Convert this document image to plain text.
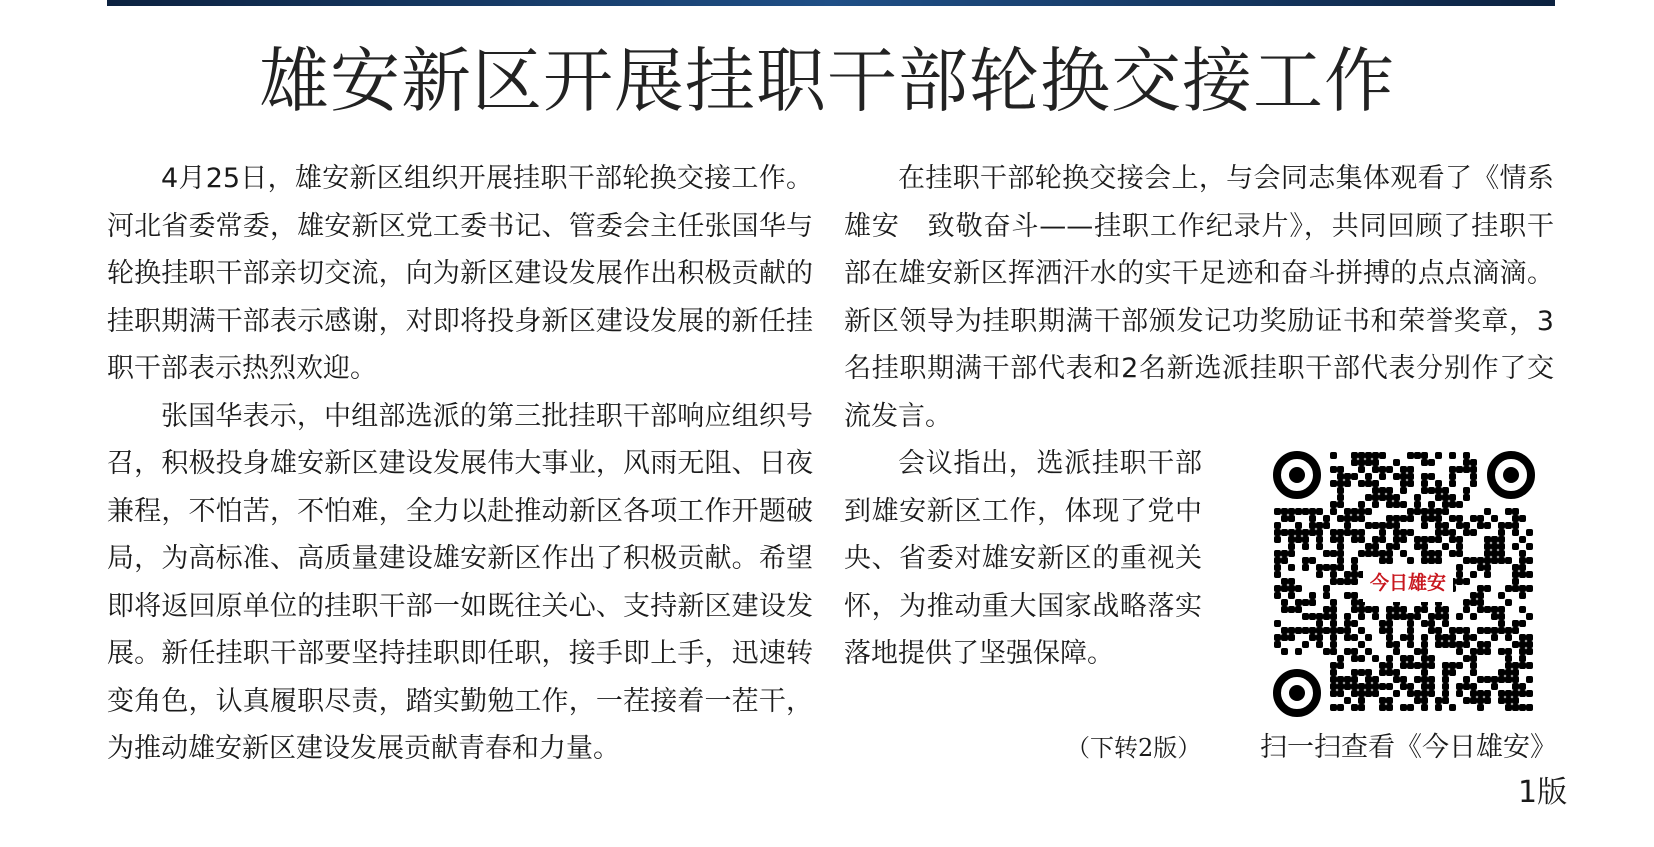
雄安新区开展挂职干部轮换交接工作

4月25日，雄安新区组织开展挂职干部轮换交接工作。河北省委常委，雄安新区党工委书记、管委会主任张国华与轮换挂职干部亲切交流，向为新区建设发展作出积极贡献的挂职期满干部表示感谢，对即将投身新区建设发展的新任挂职干部表示热烈欢迎。

张国华表示，中组部选派的第三批挂职干部响应组织号召，积极投身雄安新区建设发展伟大事业，风雨无阻、日夜兼程，不怕苦，不怕难，全力以赴推动新区各项工作开题破局，为高标准、高质量建设雄安新区作出了积极贡献。希望即将返回原单位的挂职干部一如既往关心、支持新区建设发展。新任挂职干部要坚持挂职即任职，接手即上手，迅速转变角色，认真履职尽责，踏实勤勉工作，一茬接着一茬干，为推动雄安新区建设发展贡献青春和力量。

在挂职干部轮换交接会上，与会同志集体观看了《情系雄安　致敬奋斗——挂职工作纪录片》，共同回顾了挂职干部在雄安新区挥洒汗水的实干足迹和奋斗拼搏的点点滴滴。新区领导为挂职期满干部颁发记功奖励证书和荣誉奖章，3名挂职期满干部代表和2名新选派挂职干部代表分别作了交流发言。

会议指出，选派挂职干部到雄安新区工作，体现了党中央、省委对雄安新区的重视关怀，为推动重大国家战略落实落地提供了坚强保障。

（下转2版）

今日雄安

扫一扫查看《今日雄安》

1版
